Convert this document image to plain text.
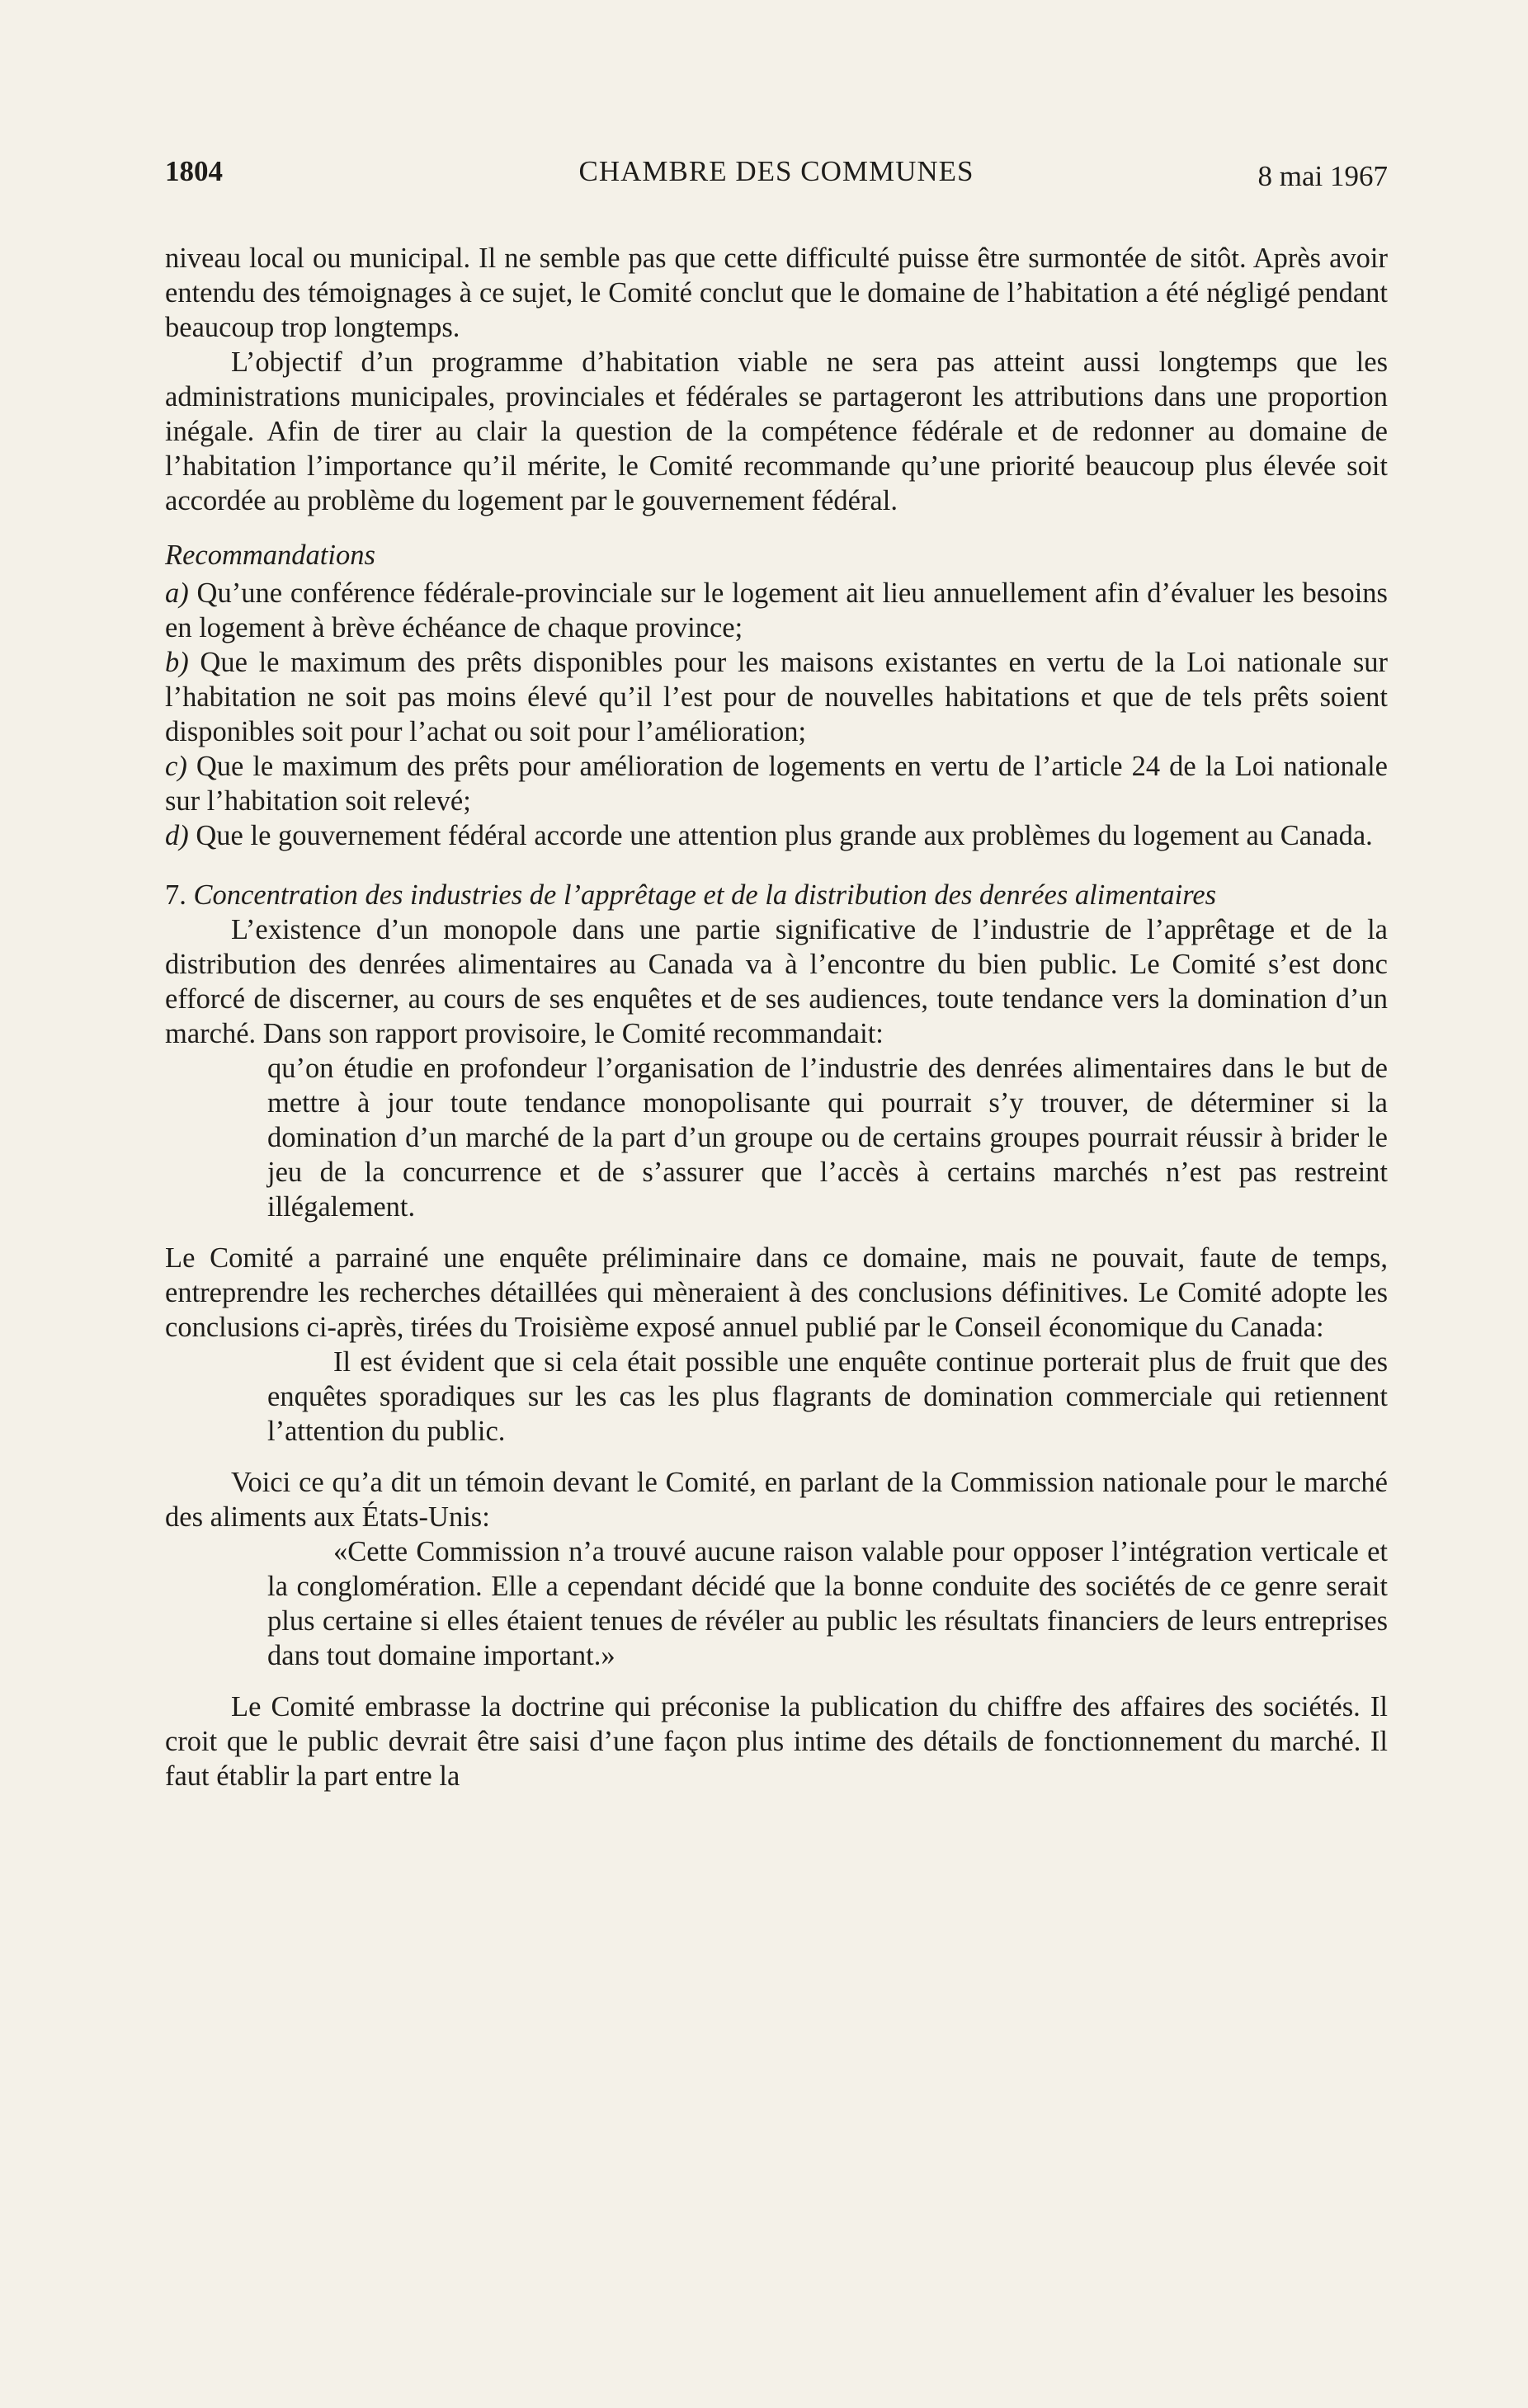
1804	CHAMBRE DES COMMUNES	8 mai 1967

niveau local ou municipal. Il ne semble pas que cette difficulté puisse être surmontée de sitôt. Après avoir entendu des témoignages à ce sujet, le Comité conclut que le domaine de l’habitation a été négligé pendant beaucoup trop longtemps.

L’objectif d’un programme d’habitation viable ne sera pas atteint aussi longtemps que les administrations municipales, provinciales et fédérales se partageront les attributions dans une proportion inégale. Afin de tirer au clair la question de la compétence fédérale et de redonner au domaine de l’habitation l’importance qu’il mérite, le Comité recommande qu’une priorité beaucoup plus élevée soit accordée au problème du logement par le gouvernement fédéral.

Recommandations

a) Qu’une conférence fédérale-provinciale sur le logement ait lieu annuellement afin d’évaluer les besoins en logement à brève échéance de chaque province;

b) Que le maximum des prêts disponibles pour les maisons existantes en vertu de la Loi nationale sur l’habitation ne soit pas moins élevé qu’il l’est pour de nouvelles habitations et que de tels prêts soient disponibles soit pour l’achat ou soit pour l’amélioration;

c) Que le maximum des prêts pour amélioration de logements en vertu de l’article 24 de la Loi nationale sur l’habitation soit relevé;

d) Que le gouvernement fédéral accorde une attention plus grande aux problèmes du logement au Canada.

7. Concentration des industries de l’apprêtage et de la distribution des denrées alimentaires

L’existence d’un monopole dans une partie significative de l’industrie de l’apprêtage et de la distribution des denrées alimentaires au Canada va à l’encontre du bien public. Le Comité s’est donc efforcé de discerner, au cours de ses enquêtes et de ses audiences, toute tendance vers la domination d’un marché. Dans son rapport provisoire, le Comité recommandait:

qu’on étudie en profondeur l’organisation de l’industrie des denrées alimentaires dans le but de mettre à jour toute tendance monopolisante qui pourrait s’y trouver, de déterminer si la domination d’un marché de la part d’un groupe ou de certains groupes pourrait réussir à brider le jeu de la concurrence et de s’assurer que l’accès à certains marchés n’est pas restreint illégalement.

Le Comité a parrainé une enquête préliminaire dans ce domaine, mais ne pouvait, faute de temps, entreprendre les recherches détaillées qui mèneraient à des conclusions définitives. Le Comité adopte les conclusions ci-après, tirées du Troisième exposé annuel publié par le Conseil économique du Canada:

Il est évident que si cela était possible une enquête continue porterait plus de fruit que des enquêtes sporadiques sur les cas les plus flagrants de domination commerciale qui retiennent l’attention du public.

Voici ce qu’a dit un témoin devant le Comité, en parlant de la Commission nationale pour le marché des aliments aux États-Unis:

«Cette Commission n’a trouvé aucune raison valable pour opposer l’intégration verticale et la conglomération. Elle a cependant décidé que la bonne conduite des sociétés de ce genre serait plus certaine si elles étaient tenues de révéler au public les résultats financiers de leurs entreprises dans tout domaine important.»

Le Comité embrasse la doctrine qui préconise la publication du chiffre des affaires des sociétés. Il croit que le public devrait être saisi d’une façon plus intime des détails de fonctionnement du marché. Il faut établir la part entre la
